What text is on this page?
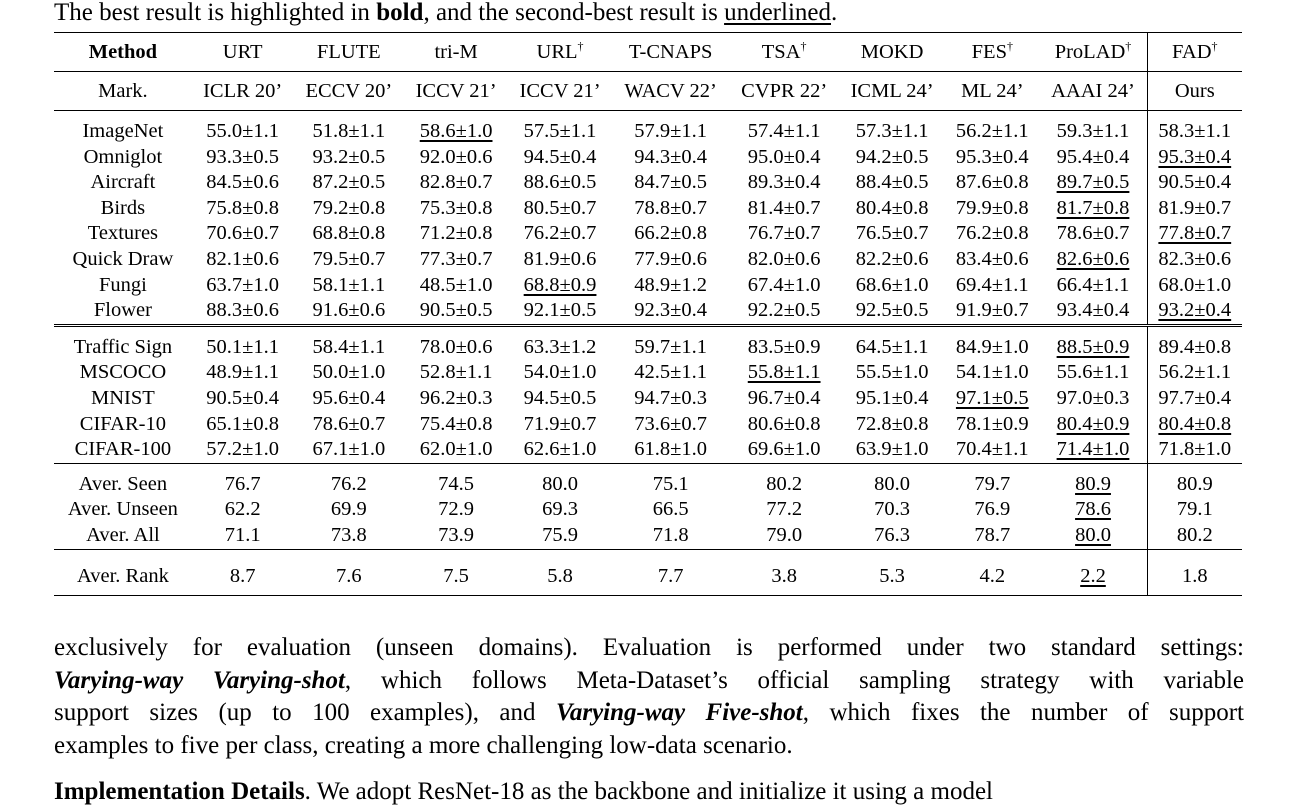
The best result is highlighted in bold, and the second-best result is underlined.
Method	URT	FLUTE	tri-M	URL†	T-CNAPS	TSA†	MOKD	FES†	ProLAD†	FAD†
Mark.	ICLR 20’	ECCV 20’	ICCV 21’	ICCV 21’	WACV 22’	CVPR 22’	ICML 24’	ML 24’	AAAI 24’	Ours
ImageNet	55.0±1.1	51.8±1.1	58.6±1.0	57.5±1.1	57.9±1.1	57.4±1.1	57.3±1.1	56.2±1.1	59.3±1.1	58.3±1.1
Omniglot	93.3±0.5	93.2±0.5	92.0±0.6	94.5±0.4	94.3±0.4	95.0±0.4	94.2±0.5	95.3±0.4	95.4±0.4	95.3±0.4
Aircraft	84.5±0.6	87.2±0.5	82.8±0.7	88.6±0.5	84.7±0.5	89.3±0.4	88.4±0.5	87.6±0.8	89.7±0.5	90.5±0.4
Birds	75.8±0.8	79.2±0.8	75.3±0.8	80.5±0.7	78.8±0.7	81.4±0.7	80.4±0.8	79.9±0.8	81.7±0.8	81.9±0.7
Textures	70.6±0.7	68.8±0.8	71.2±0.8	76.2±0.7	66.2±0.8	76.7±0.7	76.5±0.7	76.2±0.8	78.6±0.7	77.8±0.7
Quick Draw	82.1±0.6	79.5±0.7	77.3±0.7	81.9±0.6	77.9±0.6	82.0±0.6	82.2±0.6	83.4±0.6	82.6±0.6	82.3±0.6
Fungi	63.7±1.0	58.1±1.1	48.5±1.0	68.8±0.9	48.9±1.2	67.4±1.0	68.6±1.0	69.4±1.1	66.4±1.1	68.0±1.0
Flower	88.3±0.6	91.6±0.6	90.5±0.5	92.1±0.5	92.3±0.4	92.2±0.5	92.5±0.5	91.9±0.7	93.4±0.4	93.2±0.4
Traffic Sign	50.1±1.1	58.4±1.1	78.0±0.6	63.3±1.2	59.7±1.1	83.5±0.9	64.5±1.1	84.9±1.0	88.5±0.9	89.4±0.8
MSCOCO	48.9±1.1	50.0±1.0	52.8±1.1	54.0±1.0	42.5±1.1	55.8±1.1	55.5±1.0	54.1±1.0	55.6±1.1	56.2±1.1
MNIST	90.5±0.4	95.6±0.4	96.2±0.3	94.5±0.5	94.7±0.3	96.7±0.4	95.1±0.4	97.1±0.5	97.0±0.3	97.7±0.4
CIFAR-10	65.1±0.8	78.6±0.7	75.4±0.8	71.9±0.7	73.6±0.7	80.6±0.8	72.8±0.8	78.1±0.9	80.4±0.9	80.4±0.8
CIFAR-100	57.2±1.0	67.1±1.0	62.0±1.0	62.6±1.0	61.8±1.0	69.6±1.0	63.9±1.0	70.4±1.1	71.4±1.0	71.8±1.0
Aver. Seen	76.7	76.2	74.5	80.0	75.1	80.2	80.0	79.7	80.9	80.9
Aver. Unseen	62.2	69.9	72.9	69.3	66.5	77.2	70.3	76.9	78.6	79.1
Aver. All	71.1	73.8	73.9	75.9	71.8	79.0	76.3	78.7	80.0	80.2
Aver. Rank	8.7	7.6	7.5	5.8	7.7	3.8	5.3	4.2	2.2	1.8
exclusively for evaluation (unseen domains). Evaluation is performed under two standard settings:
Varying-way Varying-shot, which follows Meta-Dataset’s official sampling strategy with variable
support sizes (up to 100 examples), and Varying-way Five-shot, which fixes the number of support
examples to five per class, creating a more challenging low-data scenario.
Implementation Details. We adopt ResNet-18 as the backbone and initialize it using a model
